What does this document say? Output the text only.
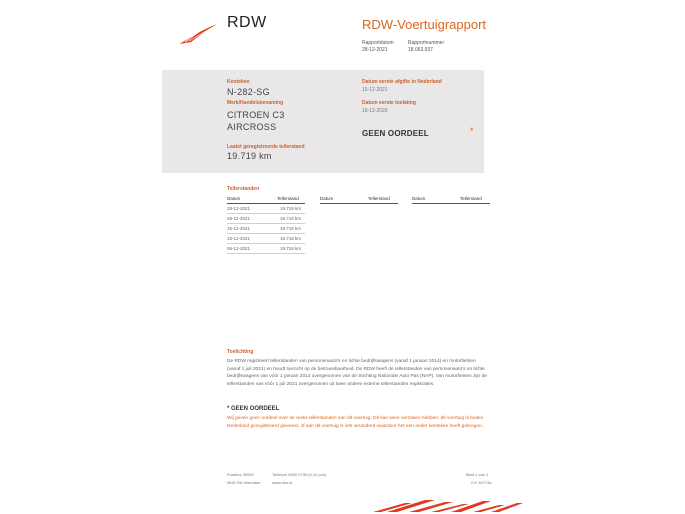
RDW	RDW-Voertuigrapport
Rapportdatum
28-12-2021
Rapportnummer
18.063.937
Kenteken
N-282-SG
Merk/Handelsbenaming
CITROEN C3
AIRCROSS
Laatst geregistreerde tellerstand
19.719 km
Datum eerste afgifte in Nederland
15-12-2021
Datum eerste toelating
16-12-2020
GEEN OORDEEL	*
Tellerstanden
Datum	Tellerstand
28-12-2021	19.719 km
28-12-2021	19.719 km
15-12-2021	19.718 km
15-12-2021	19.718 km
06-12-2021	19.718 km
Datum	Tellerstand	Datum	Tellerstand
Toelichting
De RDW registreert tellerstanden van personenauto's en lichte bedrijfswagens (vanaf 1 januari 2014) en motorfietsen (vanaf 1 juli 2021) en houdt toezicht op de betrouwbaarheid. De RDW heeft de tellerstanden van personenauto's en lichte bedrijfswagens van vóór 1 januari 2014 overgenomen van de Stichting Nationale Auto Pas (NAP). Van motorfietsen zijn de tellerstanden van vóór 1 juli 2021 overgenomen uit twee andere externe tellerstanden registraties.
* GEEN OORDEEL
Wij geven geen oordeel over de reeks tellerstanden van dit voertuig. Dit kan twee oorzaken hebben: dit voertuig is buiten Nederland geregistreerd geweest, of aan dit voertuig is iets veranderd waardoor het een ander kenteken heeft gekregen.
Postbus 30000
9640 RA Veendam
Telefoon 0900 0739 (0,10 p/m)
www.rdw.nl
Blad 1 van 1
2.E.18774a
